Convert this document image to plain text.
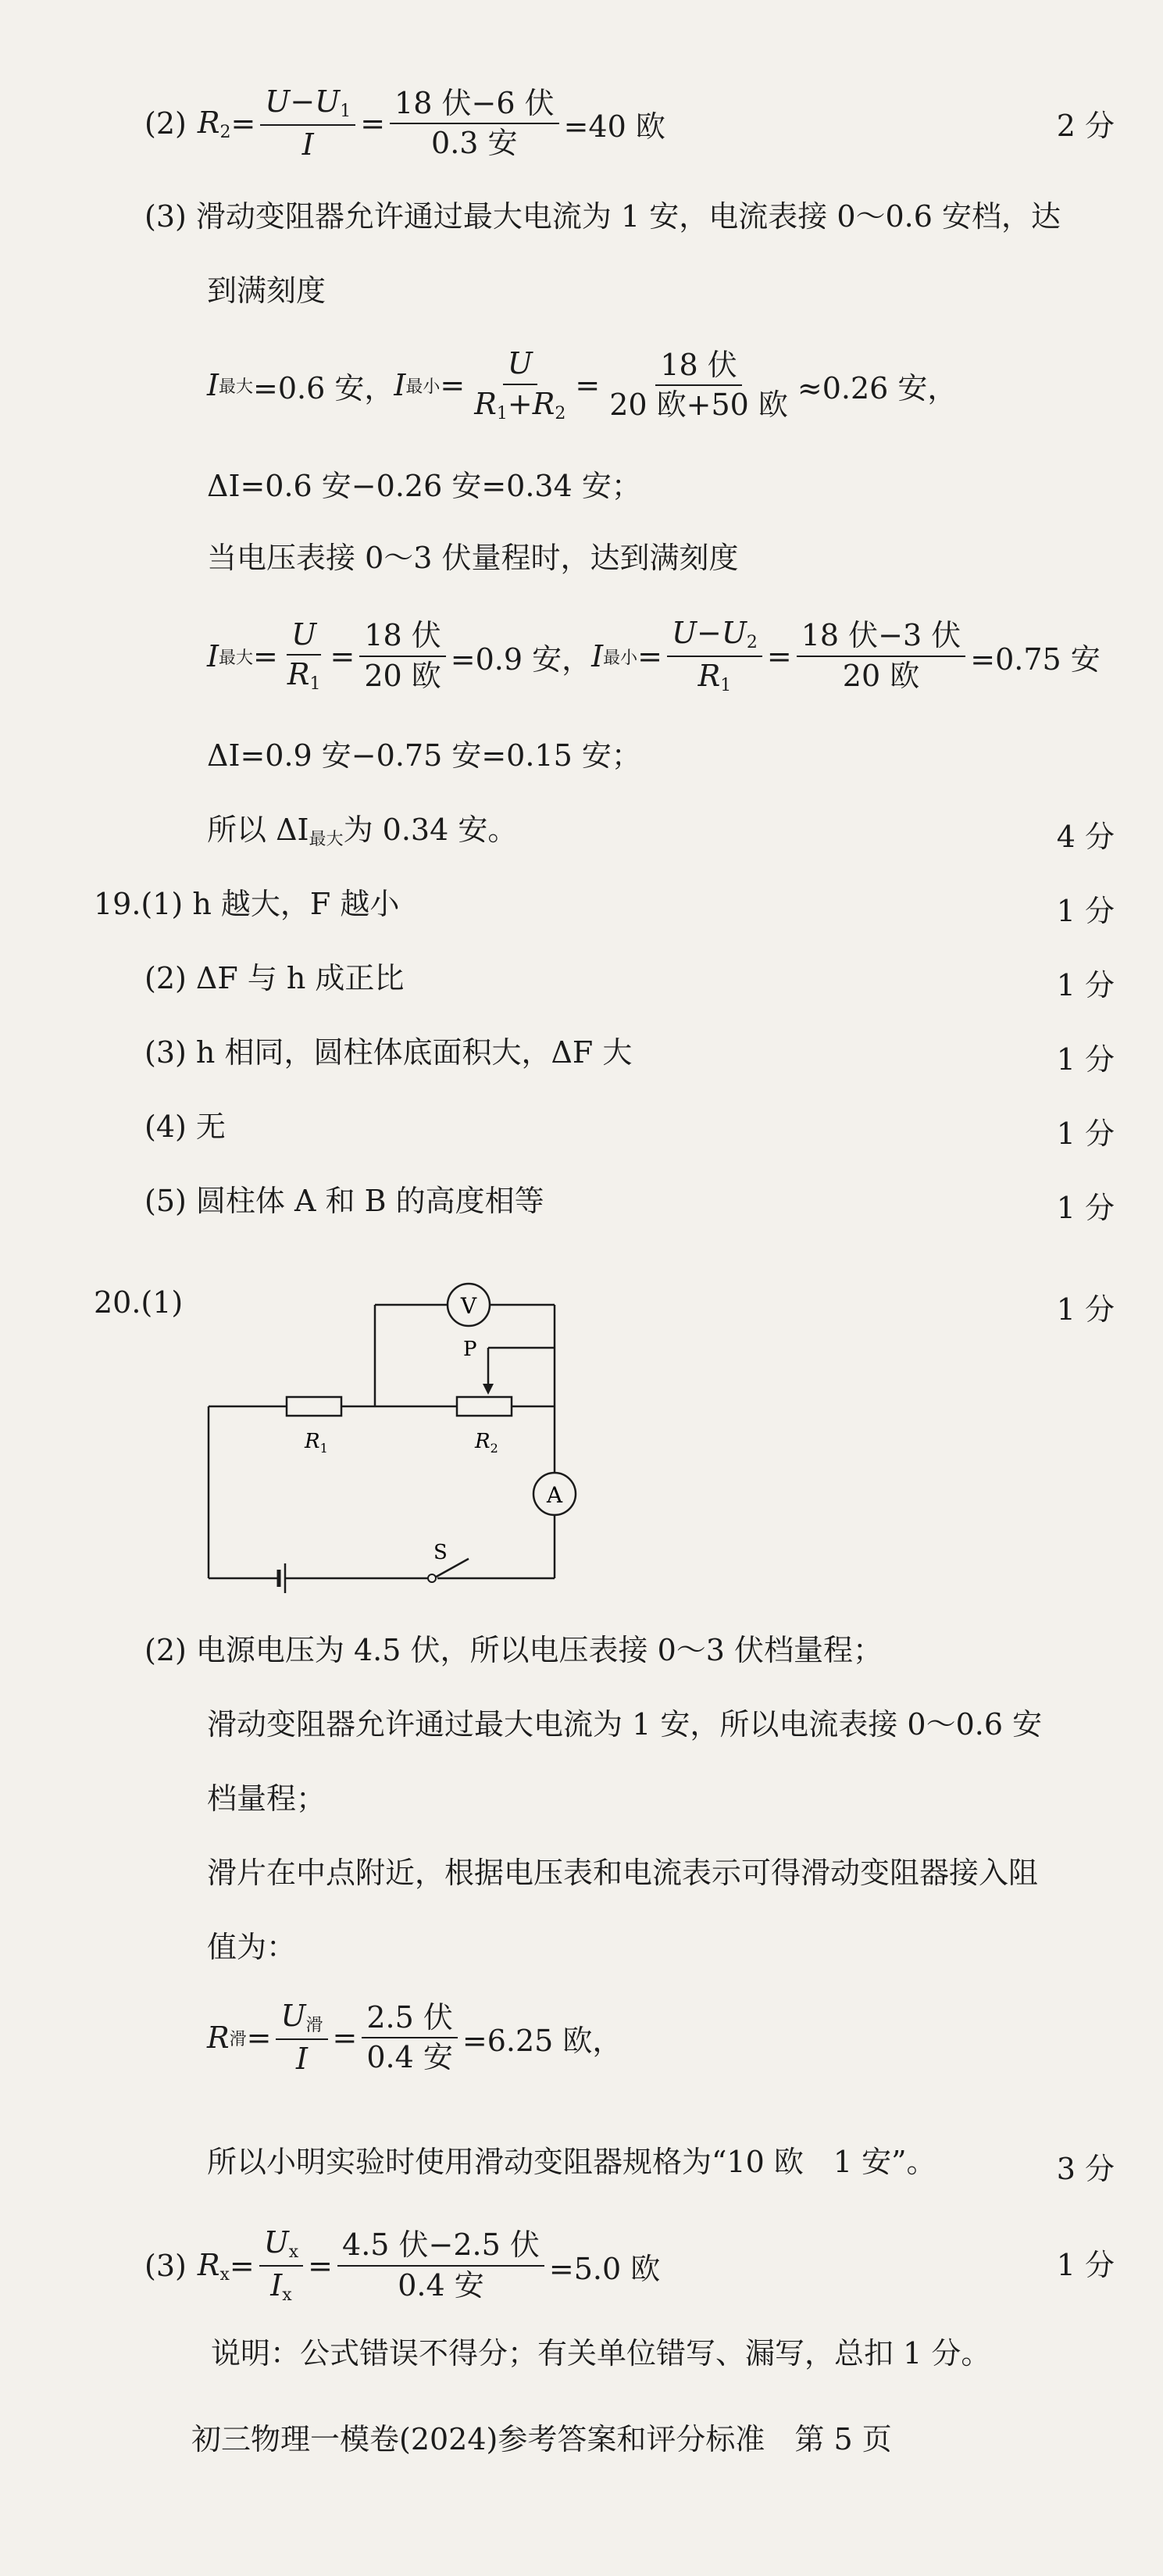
(2) $R_2 = \frac{U-U_1}{I} = \frac{\text{18 伏−6 伏}}{\text{0.3 安}} =40$ 欧	2 分
(3) 滑动变阻器允许通过最大电流为 1 安，电流表接 0～0.6 安档，达
到满刻度
I 最大 =0.6 安， I 最小 = $\frac{U}{R_1+R_2} = \frac{\text{18 伏}}{\text{20 欧+50 欧}} \approx 0.26$ 安，
ΔI=0.6 安−0.26 安=0.34 安；
当电压表接 0～3 伏量程时，达到满刻度
I 最大 = $\frac{U}{R_1} = \frac{\text{18 伏}}{\text{20 欧}} =0.9$ 安， I 最小 = $\frac{U-U_2}{R_1} = \frac{\text{18 伏−3 伏}}{\text{20 欧}} =0.75$ 安
ΔI=0.9 安−0.75 安=0.15 安；
所以 $\Delta I_{最大}$为 0.34 安。	4 分
19.(1) h 越大，F 越小	1 分
(2) ΔF 与 h 成正比	1 分
(3) h 相同，圆柱体底面积大，ΔF 大	1 分
(4) 无	1 分
(5) 圆柱体 A 和 B 的高度相等	1 分
20.(1)	1 分
V
A
P
$R_1$	$R_2$
S
(2) 电源电压为 4.5 伏，所以电压表接 0～3 伏档量程；
滑动变阻器允许通过最大电流为 1 安，所以电流表接 0～0.6 安
档量程；
滑片在中点附近，根据电压表和电流表示可得滑动变阻器接入阻
值为：
R 滑 = $\frac{U_滑}{I} = \frac{\text{2.5 伏}}{\text{0.4 安}} =6.25$ 欧，
所以小明实验时使用滑动变阻器规格为“10 欧　1 安”。	3 分
(3) $R_x = \frac{U_x}{I_x} = \frac{\text{4.5 伏−2.5 伏}}{\text{0.4 安}} =5.0$ 欧	1 分
说明：公式错误不得分；有关单位错写、漏写，总扣 1 分。
初三物理一模卷(2024)参考答案和评分标准　第 5 页
